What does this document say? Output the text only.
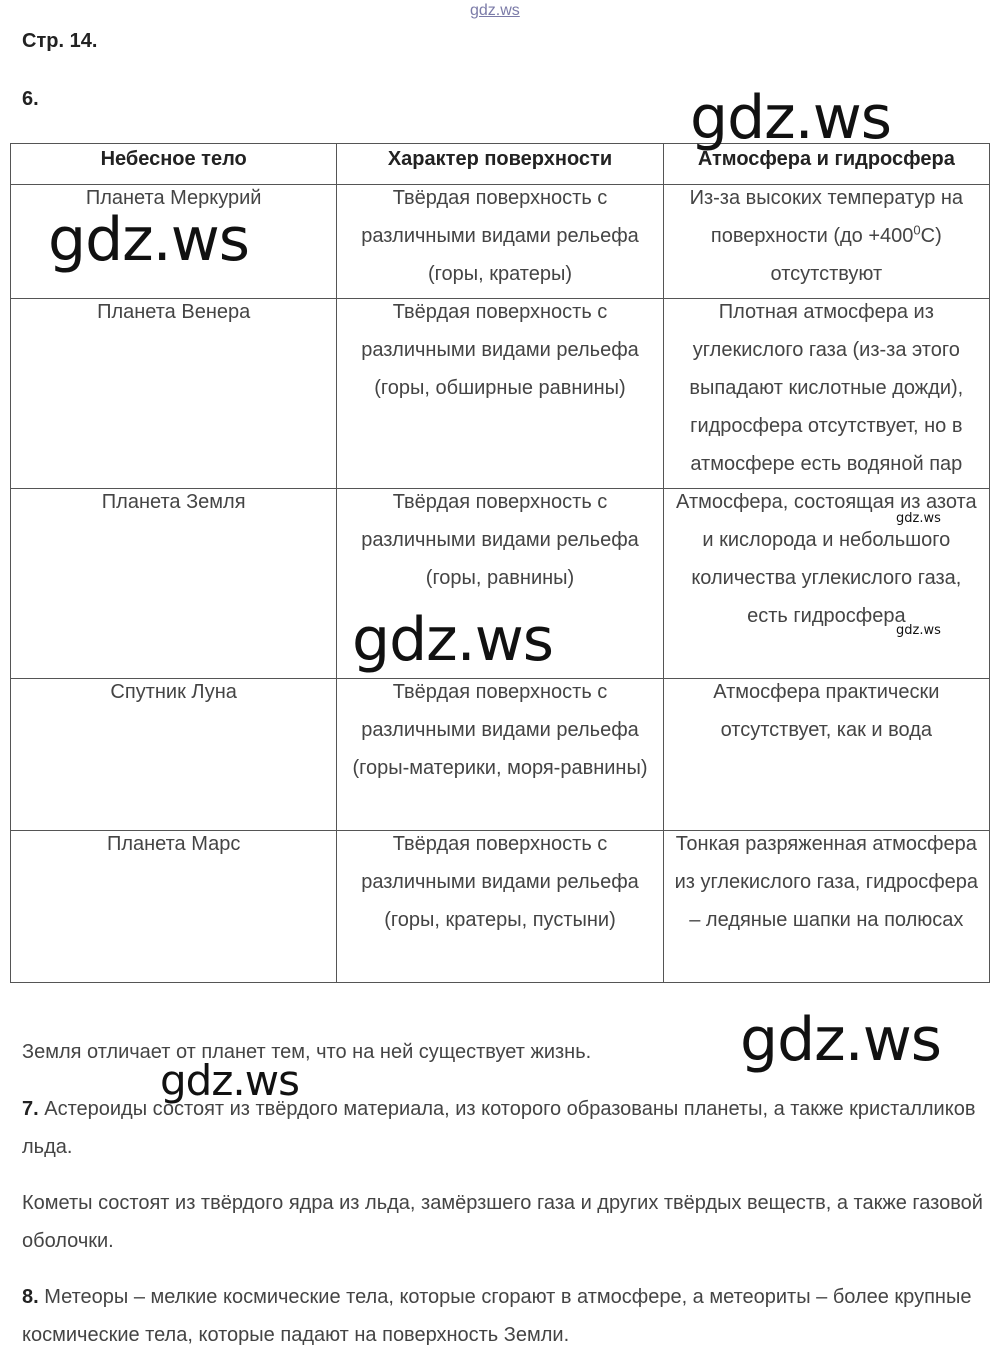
gdz.ws
Стр. 14.
6.
Небесное тело	Характер поверхности	Атмосфера и гидросфера

Планета Меркурий	Твёрдая поверхность с различными видами рельефа (горы, кратеры)	Из-за высоких температур на поверхности $(до +400^0С)$ отсутствуют

Планета Венера	Твёрдая поверхность с различными видами рельефа (горы, обширные равнины)	Плотная атмосфера из углекислого газа (из-за этого выпадают кислотные дожди), гидросфера отсутствует, но в атмосфере есть водяной пар

Планета Земля	Твёрдая поверхность с различными видами рельефа (горы, равнины)	Атмосфера, состоящая из азота и кислорода и небольшого количества углекислого газа, есть гидросфера

Спутник Луна	Твёрдая поверхность с различными видами рельефа (горы-материки, моря-равнины)	Атмосфера практически отсутствует, как и вода

Планета Марс	Твёрдая поверхность с различными видами рельефа (горы, кратеры, пустыни)	Тонкая разряженная атмосфера из углекислого газа, гидросфера – ледяные шапки на полюсах
Земля отличает от планет тем, что на ней существует жизнь.
7. Астероиды состоят из твёрдого материала, из которого образованы планеты, а также кристалликов льда.
Кометы состоят из твёрдого ядра из льда, замёрзшего газа и других твёрдых веществ, а также газовой оболочки.
8. Метеоры – мелкие космические тела, которые сгорают в атмосфере, а метеориты – более крупные космические тела, которые падают на поверхность Земли.
gdz.ws
gdz.ws
gdz.ws
gdz.ws
gdz.ws
gdz.ws
gdz.ws
